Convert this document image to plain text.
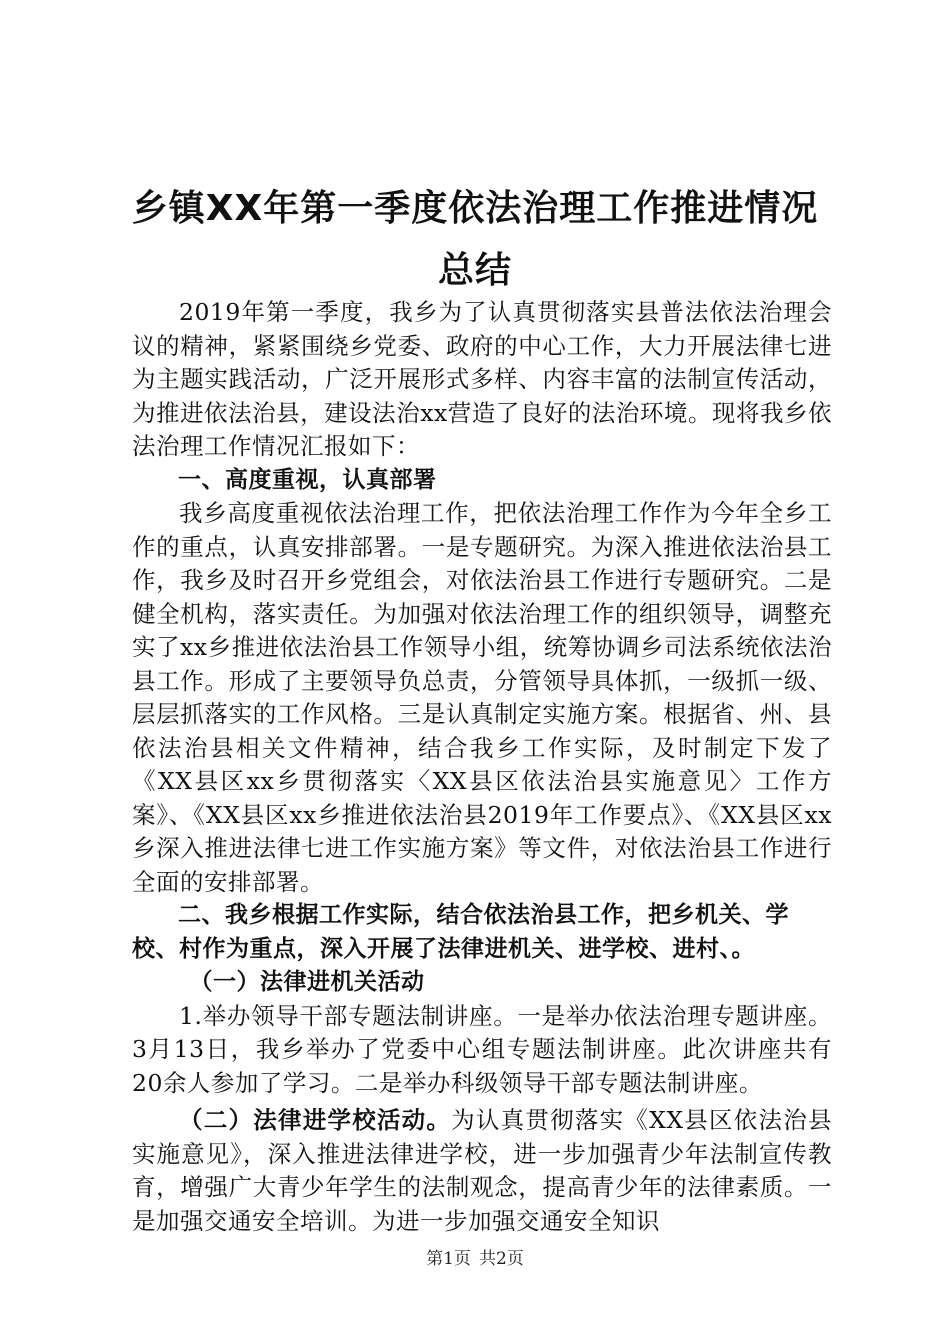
乡镇XX年第一季度依法治理工作推进情况总结

2019年第一季度，我乡为了认真贯彻落实县普法依法治理会议的精神，紧紧围绕乡党委、政府的中心工作，大力开展法律七进为主题实践活动，广泛开展形式多样、内容丰富的法制宣传活动，为推进依法治县，建设法治xx营造了良好的法治环境。现将我乡依法治理工作情况汇报如下：

一、高度重视，认真部署

我乡高度重视依法治理工作，把依法治理工作作为今年全乡工作的重点，认真安排部署。一是专题研究。为深入推进依法治县工作，我乡及时召开乡党组会，对依法治县工作进行专题研究。二是健全机构，落实责任。为加强对依法治理工作的组织领导，调整充实了xx乡推进依法治县工作领导小组，统筹协调乡司法系统依法治县工作。形成了主要领导负总责，分管领导具体抓，一级抓一级、层层抓落实的工作风格。三是认真制定实施方案。根据省、州、县依法治县相关文件精神，结合我乡工作实际，及时制定下发了《XX县区xx乡贯彻落实〈XX县区依法治县实施意见〉工作方案》、《XX县区xx乡推进依法治县2019年工作要点》、《XX县区xx乡深入推进法律七进工作实施方案》等文件，对依法治县工作进行全面的安排部署。

二、我乡根据工作实际，结合依法治县工作，把乡机关、学校、村作为重点，深入开展了法律进机关、进学校、进村、。

（一）法律进机关活动

1.举办领导干部专题法制讲座。一是举办依法治理专题讲座。3月13日，我乡举办了党委中心组专题法制讲座。此次讲座共有20余人参加了学习。二是举办科级领导干部专题法制讲座。

（二）法律进学校活动。为认真贯彻落实《XX县区依法治县实施意见》，深入推进法律进学校，进一步加强青少年法制宣传教育，增强广大青少年学生的法制观念，提高青少年的法律素质。一是加强交通安全培训。为进一步加强交通安全知识

第1页 共2页
